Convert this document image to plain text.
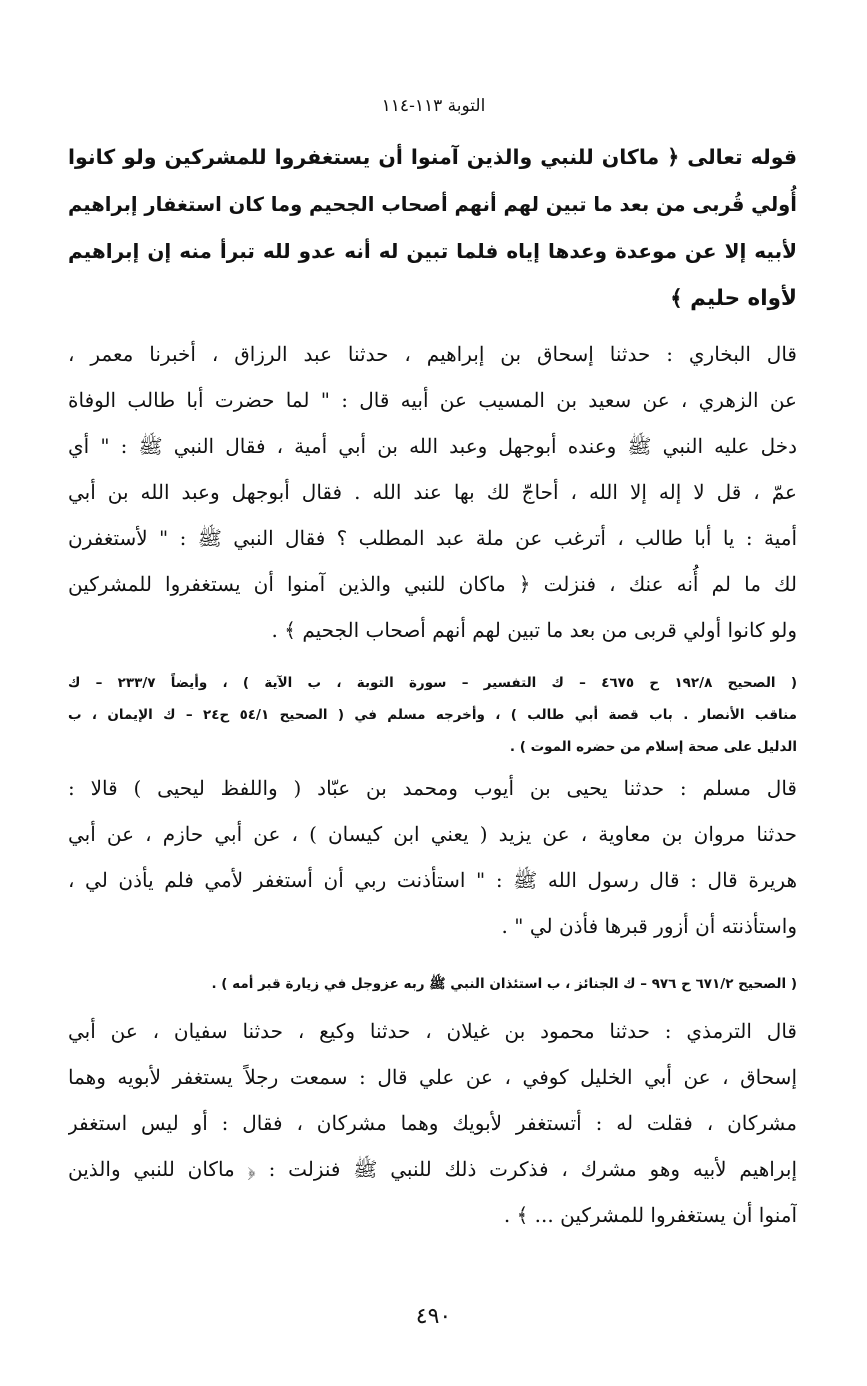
التوبة ١١٣-١١٤
قوله تعالى ﴿ ماكان للنبي والذين آمنوا أن يستغفروا للمشركين ولو كانوا
أُولي قُربى من بعد ما تبين لهم أنهم أصحاب الجحيم وما كان استغفار إبراهيم
لأبيه إلا عن موعدة وعدها إياه فلما تبين له أنه عدو لله تبرأ منه إن إبراهيم
لأواه حليم ﴾
قال البخاري : حدثنا إسحاق بن إبراهيم ، حدثنا عبد الرزاق ، أخبرنا معمر ،
عن الزهري ، عن سعيد بن المسيب عن أبيه قال : " لما حضرت أبا طالب الوفاة
دخل عليه النبي ﷺ وعنده أبوجهل وعبد الله بن أبي أمية ، فقال النبي ﷺ : " أي
عمّ ، قل لا إله إلا الله ، أحاجّ لك بها عند الله . فقال أبوجهل وعبد الله بن أبي
أمية : يا أبا طالب ، أترغب عن ملة عبد المطلب ؟ فقال النبي ﷺ : " لأستغفرن
لك ما لم أُنه عنك ، فنزلت ﴿ ماكان للنبي والذين آمنوا أن يستغفروا للمشركين
ولو كانوا أولي قربى من بعد ما تبين لهم أنهم أصحاب الجحيم ﴾ .
( الصحيح ١٩٢/٨ ح ٤٦٧٥ – ك التفسير – سورة التوبة ، ب الآية ) ، وأيضاً ٢٣٣/٧ – ك
مناقب الأنصار . باب قصة أبي طالب ) ، وأخرجه مسلم في ( الصحيح ٥٤/١ ح٢٤ – ك الإيمان ، ب
الدليل على صحة إسلام من حضره الموت ) .
قال مسلم : حدثنا يحيى بن أيوب ومحمد بن عبّاد ( واللفظ ليحيى ) قالا :
حدثنا مروان بن معاوية ، عن يزيد ( يعني ابن كيسان ) ، عن أبي حازم ، عن أبي
هريرة قال : قال رسول الله ﷺ : " استأذنت ربي أن أستغفر لأمي فلم يأذن لي ،
واستأذنته أن أزور قبرها فأذن لي " .
( الصحيح ٦٧١/٢ ح ٩٧٦ – ك الجنائز ، ب استئذان النبي ﷺ ربه عزوجل في زيارة قبر أمه ) .
قال الترمذي : حدثنا محمود بن غيلان ، حدثنا وكيع ، حدثنا سفيان ، عن أبي
إسحاق ، عن أبي الخليل كوفي ، عن علي قال : سمعت رجلاً يستغفر لأبويه وهما
مشركان ، فقلت له : أتستغفر لأبويك وهما مشركان ، فقال : أو ليس استغفر
إبراهيم لأبيه وهو مشرك ، فذكرت ذلك للنبي ﷺ فنزلت : ﴿ ماكان للنبي والذين
آمنوا أن يستغفروا للمشركين ... ﴾ .
٤٩٠
